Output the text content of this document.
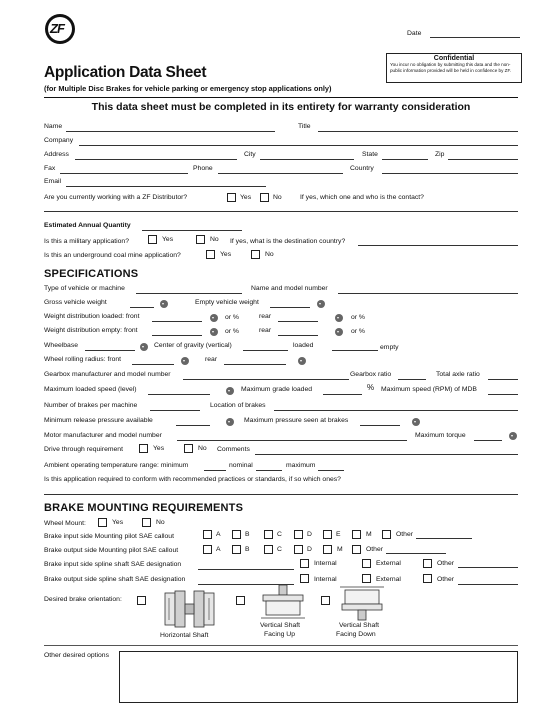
ZF	Date
Confidential
You incur no obligation by submitting this data and the non-public information provided will be held in confidence by ZF.
Application Data Sheet
(for Multiple Disc Brakes for vehicle parking or emergency stop applications only)
This data sheet must be completed in its entirety for warranty consideration
Name	Title
Company
Address	City	State	Zip
Fax	Phone	Country
Email
Are you currently working with a ZF Distributor?	Yes	No	If yes, which one and who is the contact?
Estimated Annual Quantity
Is this a military application?	Yes	No If yes, what is the destination country?
Is this an underground coal mine application?	Yes	No
SPECIFICATIONS
Type of vehicle or machine	Name and model number
Gross vehicle weight	Empty vehicle weight
Weight distribution loaded: front	or %	rear	or %
Weight distribution empty: front	or %	rear	or %
Wheelbase	Center of gravity (vertical)	loaded	empty
Wheel rolling radius: front	rear
Gearbox manufacturer and model number	Gearbox ratio	Total axle ratio
Maximum loaded speed (level)	Maximum grade loaded	% Maximum speed (RPM) of MDB
Number of brakes per machine	Location of brakes
Minimum release pressure available	Maximum pressure seen at brakes
Motor manufacturer and model number	Maximum torque
Drive through requirement	Yes	No Comments
Ambient operating temperature range: minimum	nominal	maximum
Is this application required to conform with recommended practices or standards, if so which ones?
BRAKE MOUNTING REQUIREMENTS
Wheel Mount:	Yes	No
Brake input side Mounting pilot SAE callout	A	B	C	D	E	M	Other
Brake output side Mounting pilot SAE callout	A	B	C	D	M	Other
Brake input side spline shaft SAE designation	Internal	External	Other
Brake output side spline shaft SAE designation	Internal	External	Other
Desired brake orientation:
Horizontal Shaft
Vertical Shaft
Facing Up
Vertical Shaft
Facing Down
Other desired options
